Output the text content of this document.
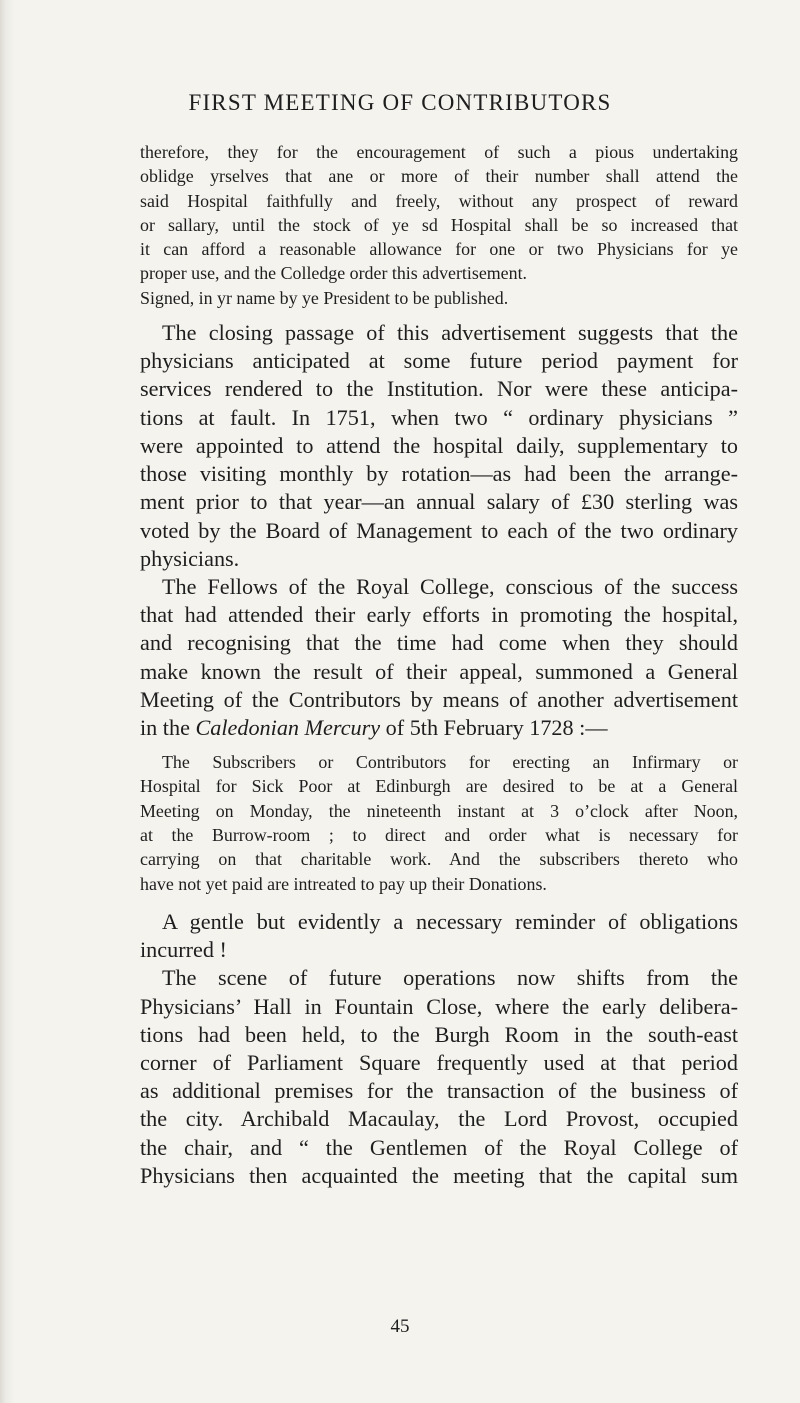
FIRST MEETING OF CONTRIBUTORS
therefore, they for the encouragement of such a pious undertaking
oblidge yrselves that ane or more of their number shall attend the
said Hospital faithfully and freely, without any prospect of reward
or sallary, until the stock of ye sd Hospital shall be so increased that
it can afford a reasonable allowance for one or two Physicians for ye
proper use, and the Colledge order this advertisement.
Signed, in yr name by ye President to be published.
The closing passage of this advertisement suggests that the
physicians anticipated at some future period payment for
services rendered to the Institution. Nor were these anticipa-
tions at fault. In 1751, when two “ ordinary physicians ”
were appointed to attend the hospital daily, supplementary to
those visiting monthly by rotation—as had been the arrange-
ment prior to that year—an annual salary of £30 sterling was
voted by the Board of Management to each of the two ordinary
physicians.
The Fellows of the Royal College, conscious of the success
that had attended their early efforts in promoting the hospital,
and recognising that the time had come when they should
make known the result of their appeal, summoned a General
Meeting of the Contributors by means of another advertisement
in the Caledonian Mercury of 5th February 1728 :—
The Subscribers or Contributors for erecting an Infirmary or
Hospital for Sick Poor at Edinburgh are desired to be at a General
Meeting on Monday, the nineteenth instant at 3 o’clock after Noon,
at the Burrow-room ; to direct and order what is necessary for
carrying on that charitable work. And the subscribers thereto who
have not yet paid are intreated to pay up their Donations.
A gentle but evidently a necessary reminder of obligations
incurred !
The scene of future operations now shifts from the
Physicians’ Hall in Fountain Close, where the early delibera-
tions had been held, to the Burgh Room in the south-east
corner of Parliament Square frequently used at that period
as additional premises for the transaction of the business of
the city. Archibald Macaulay, the Lord Provost, occupied
the chair, and “ the Gentlemen of the Royal College of
Physicians then acquainted the meeting that the capital sum
45
